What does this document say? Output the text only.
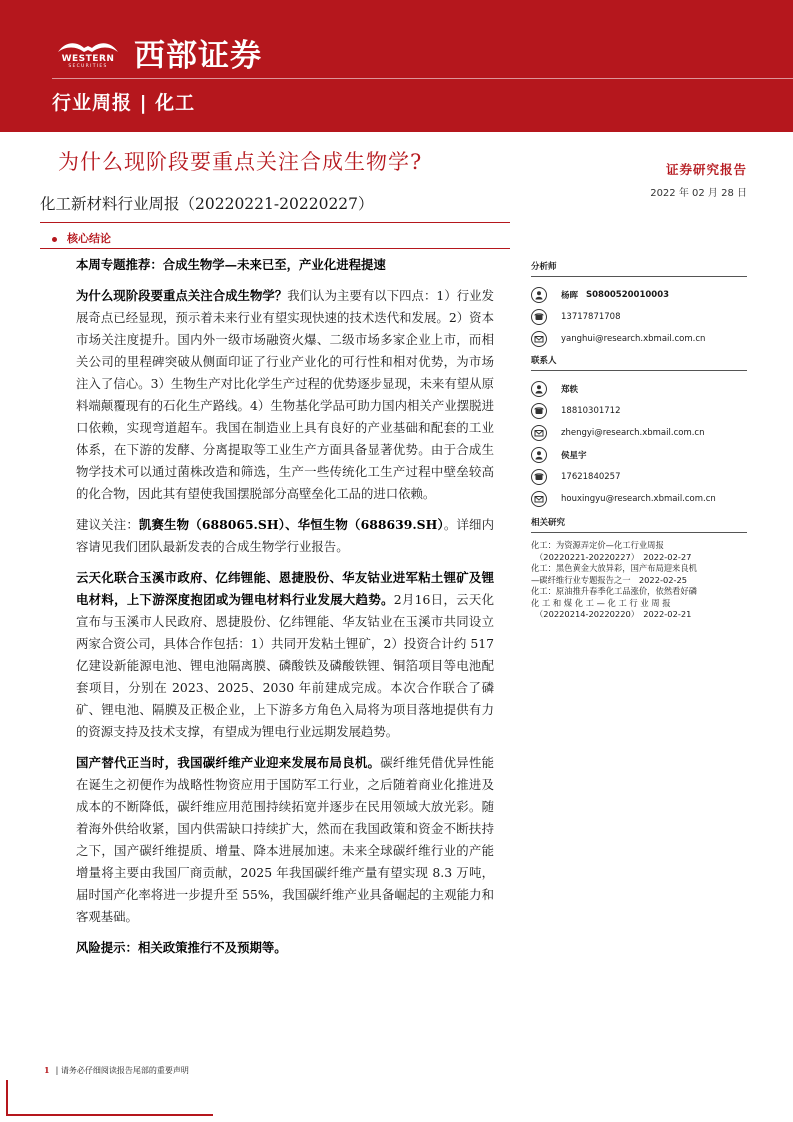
WESTERN
SECURITIES 西部证券
行业周报 | 化工
为什么现阶段要重点关注合成生物学?	证券研究报告
2022 年 02 月 28 日
化工新材料行业周报（20220221-20220227）
核心结论

本周专题推荐：合成生物学—未来已至，产业化进程提速

为什么现阶段要重点关注合成生物学？我们认为主要有以下四点：1）行业发展奇点已经显现，预示着未来行业有望实现快速的技术迭代和发展。2）资本市场关注度提升。国内外一级市场融资火爆、二级市场多家企业上市，而相关公司的里程碑突破从侧面印证了行业产业化的可行性和相对优势，为市场注入了信心。3）生物生产对比化学生产过程的优势逐步显现，未来有望从原料端颠覆现有的石化生产路线。4）生物基化学品可助力国内相关产业摆脱进口依赖，实现弯道超车。我国在制造业上具有良好的产业基础和配套的工业体系，在下游的发酵、分离提取等工业生产方面具备显著优势。由于合成生物学技术可以通过菌株改造和筛选，生产一些传统化工生产过程中壁垒较高的化合物，因此其有望使我国摆脱部分高壁垒化工品的进口依赖。

建议关注：凯赛生物（688065.SH）、华恒生物（688639.SH）。详细内容请见我们团队最新发表的合成生物学行业报告。

云天化联合玉溪市政府、亿纬锂能、恩捷股份、华友钴业进军粘土锂矿及锂电材料，上下游深度抱团或为锂电材料行业发展大趋势。2月16日，云天化宣布与玉溪市人民政府、恩捷股份、亿纬锂能、华友钴业在玉溪市共同设立两家合资公司，具体合作包括：1）共同开发粘土锂矿，2）投资合计约 517 亿建设新能源电池、锂电池隔离膜、磷酸铁及磷酸铁锂、铜箔项目等电池配套项目，分别在 2023、2025、2030 年前建成完成。本次合作联合了磷矿、锂电池、隔膜及正极企业，上下游多方角色入局将为项目落地提供有力的资源支持及技术支撑，有望成为锂电行业远期发展趋势。

国产替代正当时，我国碳纤维产业迎来发展布局良机。碳纤维凭借优异性能在诞生之初便作为战略性物资应用于国防军工行业，之后随着商业化推进及成本的不断降低，碳纤维应用范围持续拓宽并逐步在民用领域大放光彩。随着海外供给收紧，国内供需缺口持续扩大，然而在我国政策和资金不断扶持之下，国产碳纤维提质、增量、降本进展加速。未来全球碳纤维行业的产能增量将主要由我国厂商贡献，2025 年我国碳纤维产量有望实现 8.3 万吨，届时国产化率将进一步提升至 55%，我国碳纤维产业具备崛起的主观能力和客观基础。

风险提示：相关政策推行不及预期等。

分析师
杨晖 S0800520010003
13717871708
yanghui@research.xbmail.com.cn
联系人
郑轶
18810301712
zhengyi@research.xbmail.com.cn
侯星宇
17621840257
houxingyu@research.xbmail.com.cn
相关研究
化工：为资源弄定价—化工行业周报
（20220221-20220227）　2022-02-27
化工：黑色黄金大放异彩，国产布局迎来良机
—碳纤维行业专题报告之一　2022-02-25
化工：原油推升春季化工品涨价，依然看好磷
化 工 和 煤 化 工 — 化 工 行 业 周 报
（20220214-20220220）　2022-02-21
1 | 请务必仔细阅读报告尾部的重要声明
